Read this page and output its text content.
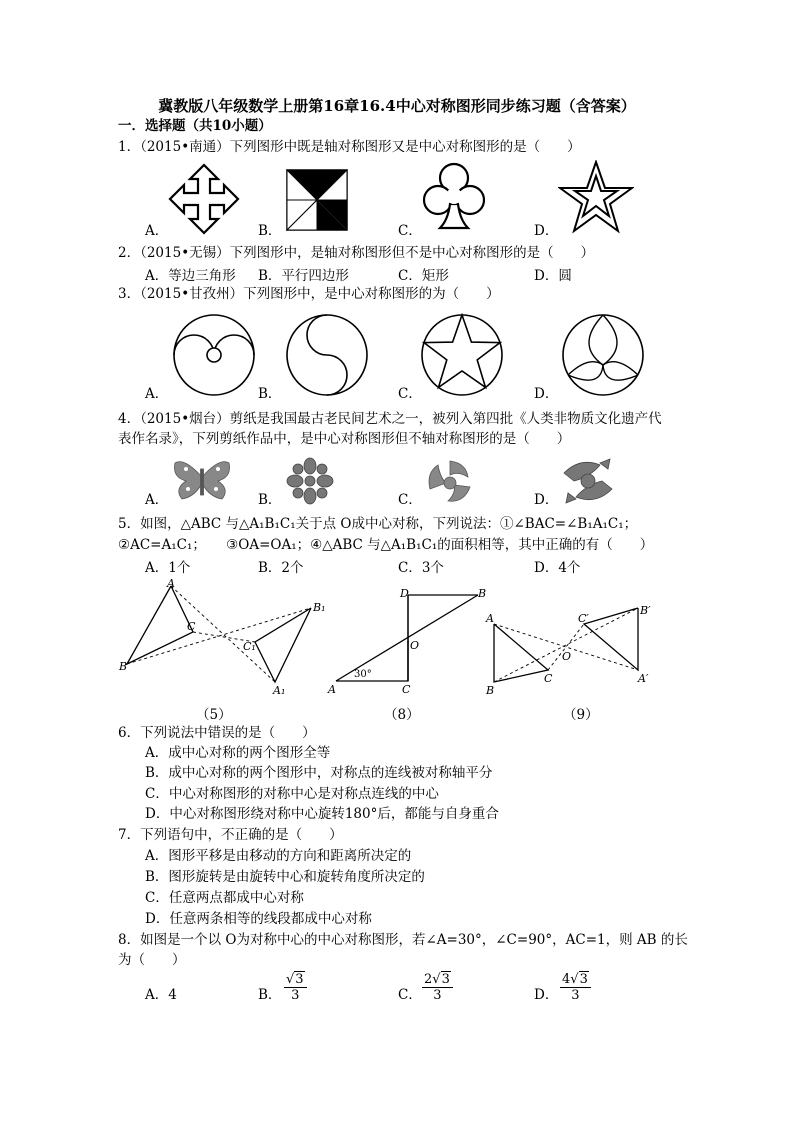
冀教版八年级数学上册第16章16.4中心对称图形同步练习题（含答案）
一．选择题（共10小题）
1．（2015•南通）下列图形中既是轴对称图形又是中心对称图形的是（　　）
A．	B．	C．	D．
2．（2015•无锡）下列图形中，是轴对称图形但不是中心对称图形的是（　　）
A．等边三角形 B．平行四边形	C．矩形	D．圆
3．（2015•甘孜州）下列图形中，是中心对称图形的为（　　）
A．	B．	C．	D．
4．（2015•烟台）剪纸是我国最古老民间艺术之一，被列入第四批《人类非物质文化遗产代
表作名录》，下列剪纸作品中，是中心对称图形但不轴对称图形的是（　　）
A．	B．	C．	D．
5．如图，△ABC 与△A₁B₁C₁关于点 O成中心对称，下列说法：①∠BAC=∠B₁A₁C₁；
②AC=A₁C₁；　　③OA=OA₁；④△ABC 与△A₁B₁C₁的面积相等，其中正确的有（　　）
A．1个	B．2个	C．3个	D．4个
A
B
C
C₁
B₁
A₁
（5）
D	B
O
A	C
30°
（8）
A
B
C
C′
B′
A′
O
（9）
6．下列说法中错误的是（　　）
A．成中心对称的两个图形全等
B．成中心对称的两个图形中，对称点的连线被对称轴平分
C．中心对称图形的对称中心是对称点连线的中心
D．中心对称图形绕对称中心旋转180°后，都能与自身重合
7．下列语句中，不正确的是（　　）
A．图形平移是由移动的方向和距离所决定的
B．图形旋转是由旋转中心和旋转角度所决定的
C．任意两点都成中心对称
D．任意两条相等的线段都成中心对称
8．如图是一个以 O为对称中心的中心对称图形，若∠A=30°，∠C=90°，AC=1，则 AB 的长
为（　　）
A．4	B． $\frac{√3}{3}$	C． $\frac{2√3}{3}$	D． $\frac{4√3}{3}$
